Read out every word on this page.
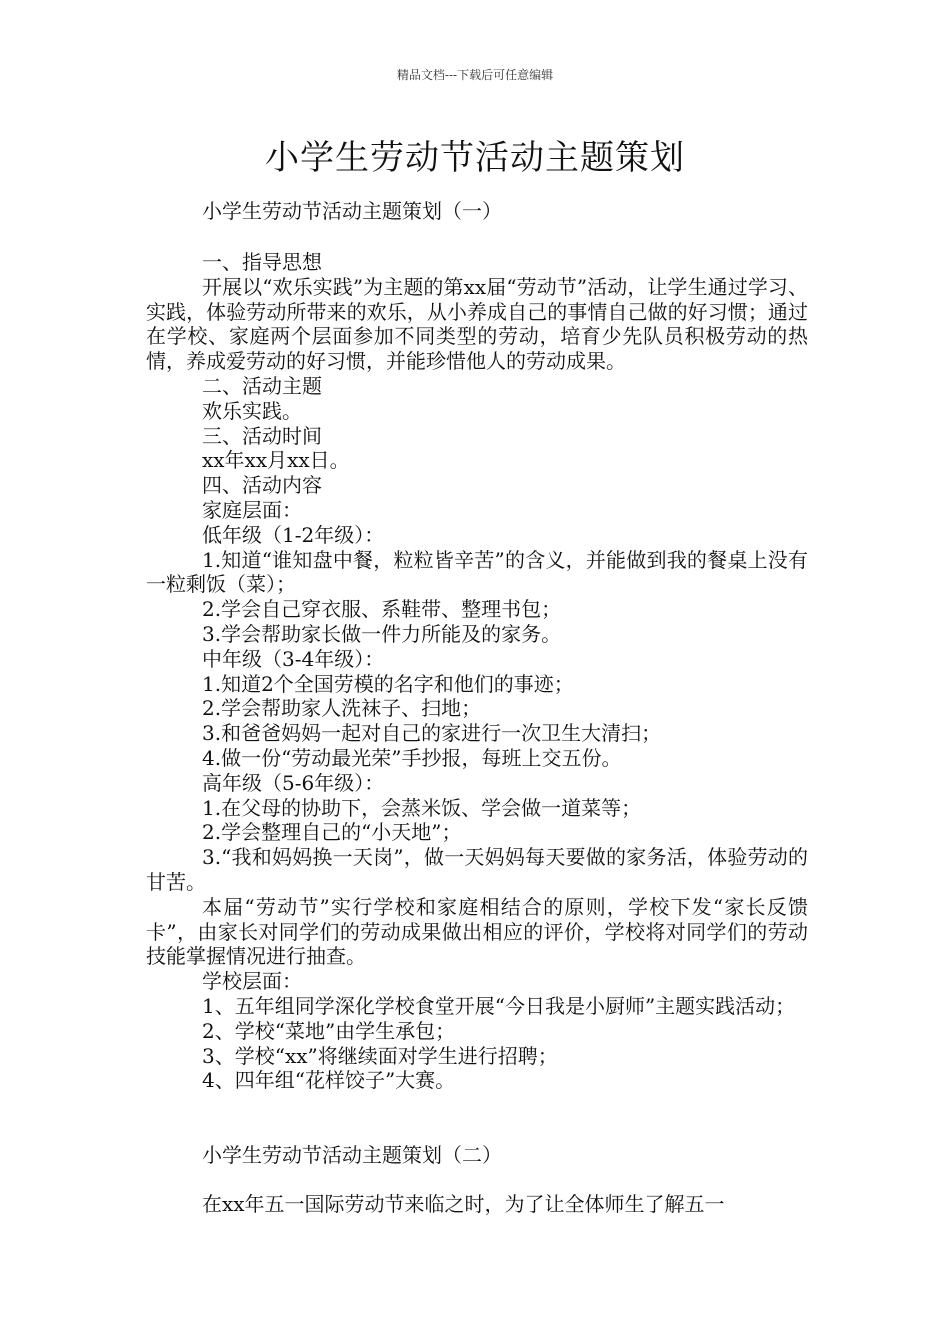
精品文档---下载后可任意编辑
小学生劳动节活动主题策划
小学生劳动节活动主题策划（一）

一、指导思想

开展以“欢乐实践”为主题的第xx届“劳动节”活动，让学生通过学习、实践，体验劳动所带来的欢乐，从小养成自己的事情自己做的好习惯；通过在学校、家庭两个层面参加不同类型的劳动，培育少先队员积极劳动的热情，养成爱劳动的好习惯，并能珍惜他人的劳动成果。

二、活动主题

欢乐实践。

三、活动时间

xx年xx月xx日。

四、活动内容

家庭层面：

低年级（1-2年级）：

1.知道“谁知盘中餐，粒粒皆辛苦”的含义，并能做到我的餐桌上没有一粒剩饭（菜）；

2.学会自己穿衣服、系鞋带、整理书包；

3.学会帮助家长做一件力所能及的家务。

中年级（3-4年级）：

1.知道2个全国劳模的名字和他们的事迹；

2.学会帮助家人洗袜子、扫地；

3.和爸爸妈妈一起对自己的家进行一次卫生大清扫；

4.做一份“劳动最光荣”手抄报，每班上交五份。

高年级（5-6年级）：

1.在父母的协助下，会蒸米饭、学会做一道菜等；

2.学会整理自己的“小天地”；

3.“我和妈妈换一天岗”，做一天妈妈每天要做的家务活，体验劳动的甘苦。

本届“劳动节”实行学校和家庭相结合的原则，学校下发“家长反馈卡”，由家长对同学们的劳动成果做出相应的评价，学校将对同学们的劳动技能掌握情况进行抽查。

学校层面：

1、五年组同学深化学校食堂开展“今日我是小厨师”主题实践活动；

2、学校“菜地”由学生承包；

3、学校“xx”将继续面对学生进行招聘；

4、四年组“花样饺子”大赛。

小学生劳动节活动主题策划（二）

在xx年五一国际劳动节来临之时，为了让全体师生了解五一
